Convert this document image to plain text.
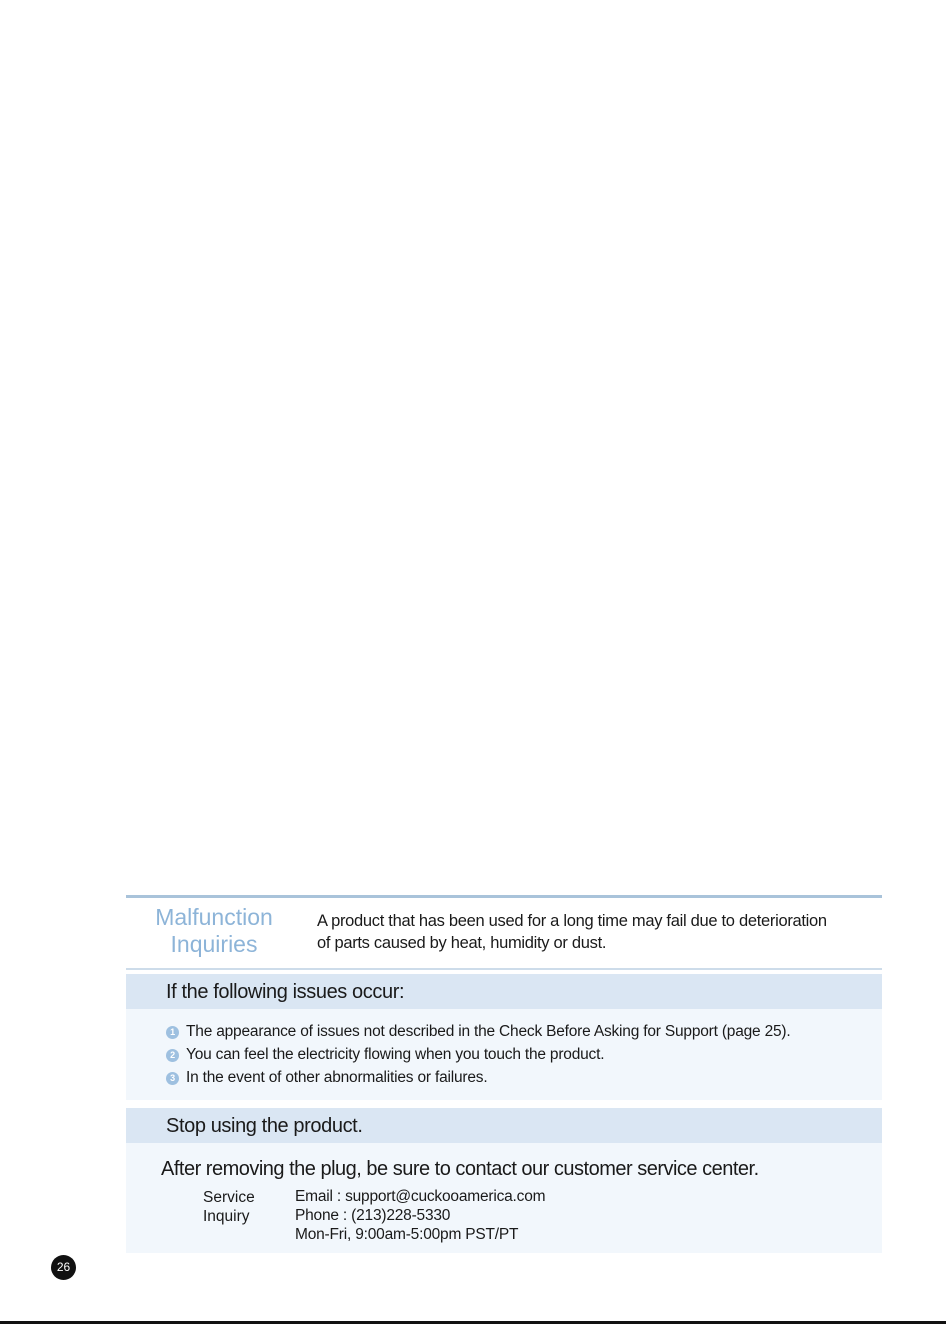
Malfunction
Inquiries
A product that has been used for a long time may fail due to deterioration
of parts caused by heat, humidity or dust.
If the following issues occur:
1 The appearance of issues not described in the Check Before Asking for Support (page 25).
2 You can feel the electricity flowing when you touch the product.
3 In the event of other abnormalities or failures.
Stop using the product.
After removing the plug, be sure to contact our customer service center.
Service
Inquiry
Email : support@cuckooamerica.com
Phone : (213)228-5330
Mon-Fri, 9:00am-5:00pm PST/PT
26
